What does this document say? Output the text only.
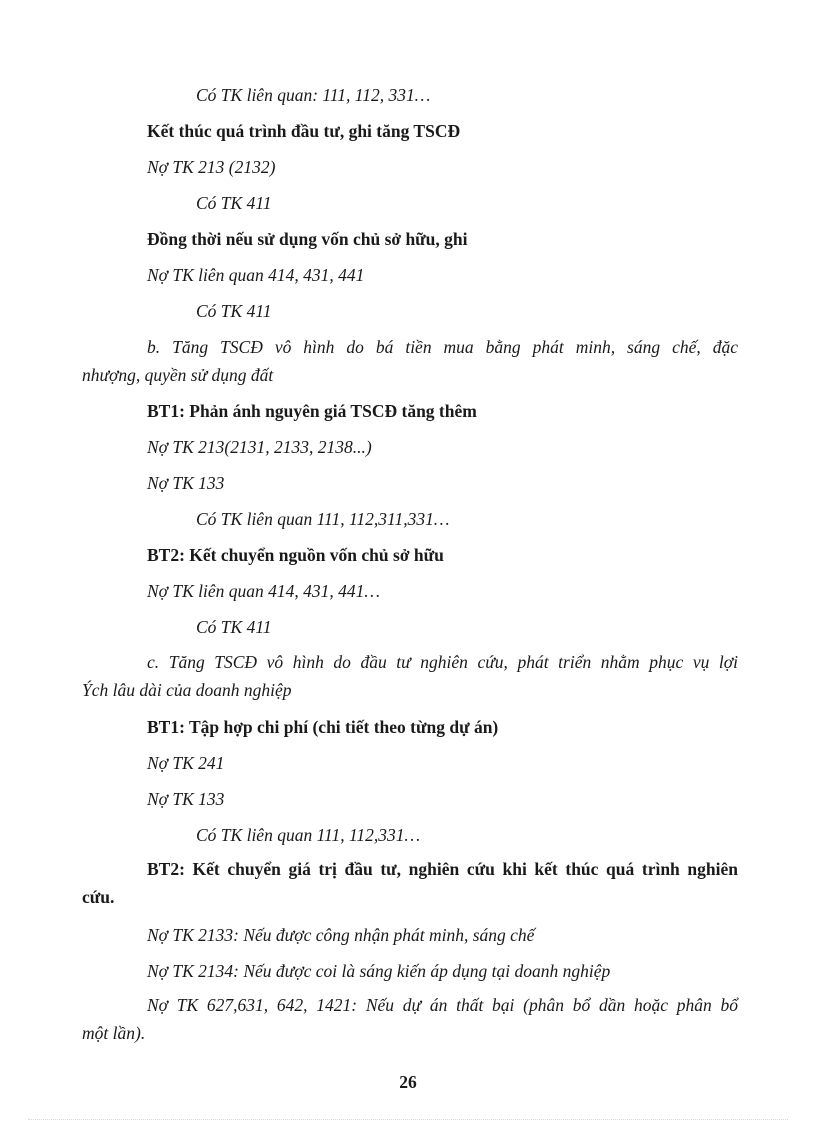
Có TK liên quan: 111, 112, 331…
Kết thúc quá trình đầu tư, ghi tăng TSCĐ
Nợ TK 213 (2132)
Có TK 411
Đồng thời nếu sử dụng vốn chủ sở hữu, ghi
Nợ TK liên quan 414, 431, 441
Có TK 411
b. Tăng TSCĐ vô hình do bá tiền mua bằng phát minh, sáng chế, đặc
nhượng, quyền sử dụng đất
BT1: Phản ánh nguyên giá TSCĐ tăng thêm
Nợ TK 213(2131, 2133, 2138...)
Nợ TK 133
Có TK liên quan 111, 112,311,331…
BT2: Kết chuyển nguồn vốn chủ sở hữu
Nợ TK liên quan 414, 431, 441…
Có TK 411
c. Tăng TSCĐ vô hình do đầu tư nghiên cứu, phát triển nhằm phục vụ lợi
Ých lâu dài của doanh nghiệp
BT1: Tập hợp chi phí (chi tiết theo từng dự án)
Nợ TK 241
Nợ TK 133
Có TK liên quan 111, 112,331…
BT2: Kết chuyển giá trị đầu tư, nghiên cứu khi kết thúc quá trình nghiên
cứu.
Nợ TK 2133: Nếu được công nhận phát minh, sáng chế
Nợ TK 2134: Nếu được coi là sáng kiến áp dụng tại doanh nghiệp
Nợ TK 627,631, 642, 1421: Nếu dự án thất bại (phân bổ dần hoặc phân bổ
một lần).
26
